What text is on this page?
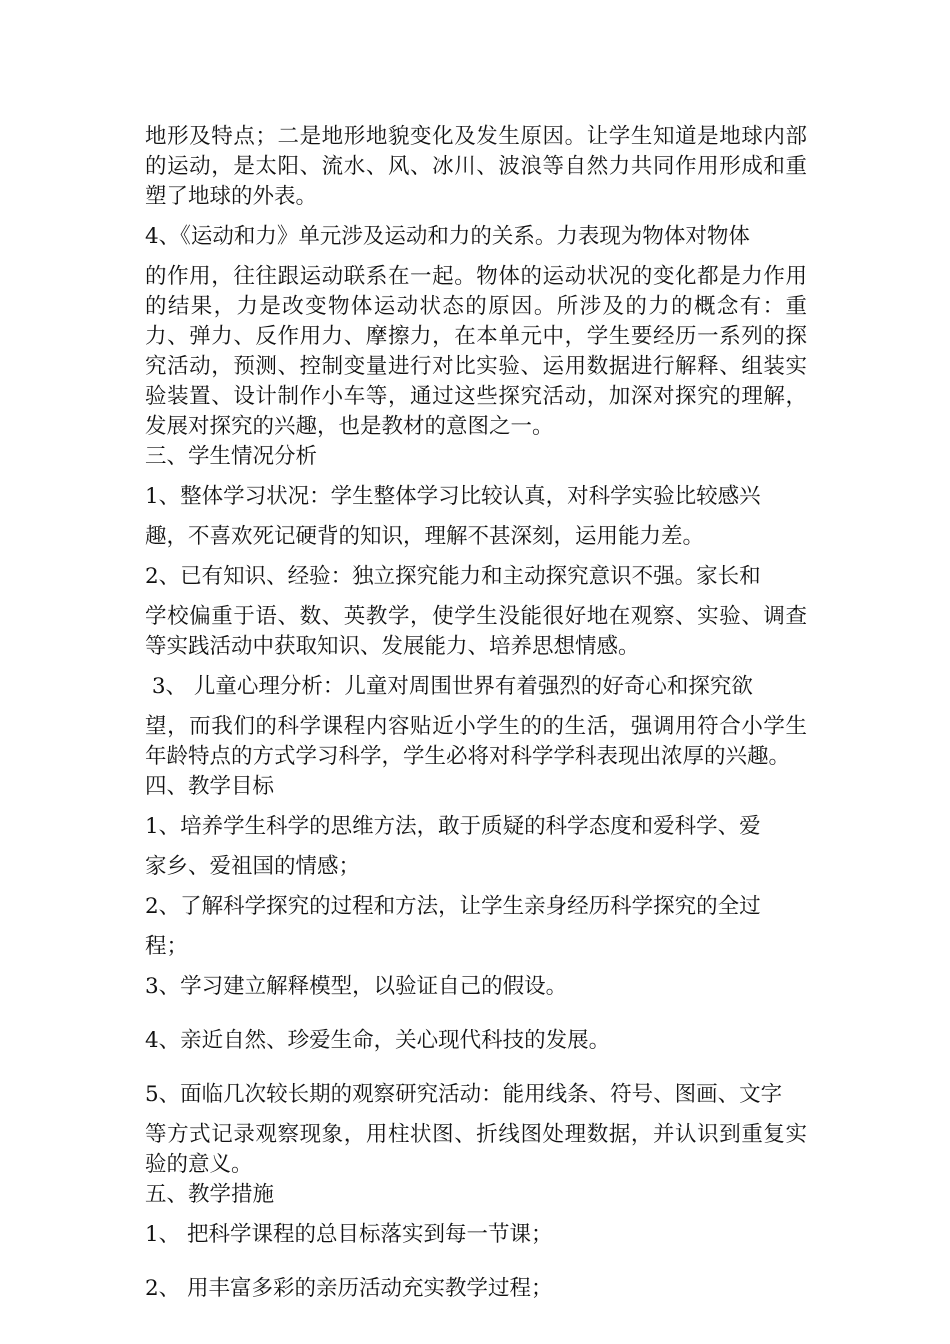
地形及特点；二是地形地貌变化及发生原因。让学生知道是地球内部的运动，是太阳、流水、风、冰川、波浪等自然力共同作用形成和重塑了地球的外表。

4、《运动和力》单元涉及运动和力的关系。力表现为物体对物体

的作用，往往跟运动联系在一起。物体的运动状况的变化都是力作用的结果，力是改变物体运动状态的原因。所涉及的力的概念有：重力、弹力、反作用力、摩擦力，在本单元中，学生要经历一系列的探究活动，预测、控制变量进行对比实验、运用数据进行解释、组装实验装置、设计制作小车等，通过这些探究活动，加深对探究的理解，发展对探究的兴趣，也是教材的意图之一。

三、学生情况分析

1、整体学习状况：学生整体学习比较认真，对科学实验比较感兴

趣，不喜欢死记硬背的知识，理解不甚深刻，运用能力差。

2、已有知识、经验：独立探究能力和主动探究意识不强。家长和

学校偏重于语、数、英教学，使学生没能很好地在观察、实验、调查等实践活动中获取知识、发展能力、培养思想情感。

3、 儿童心理分析：儿童对周围世界有着强烈的好奇心和探究欲

望，而我们的科学课程内容贴近小学生的的生活，强调用符合小学生年龄特点的方式学习科学，学生必将对科学学科表现出浓厚的兴趣。

四、教学目标

1、培养学生科学的思维方法，敢于质疑的科学态度和爱科学、爱

家乡、爱祖国的情感；

2、了解科学探究的过程和方法，让学生亲身经历科学探究的全过

程；

3、学习建立解释模型，以验证自己的假设。

4、亲近自然、珍爱生命，关心现代科技的发展。

5、面临几次较长期的观察研究活动：能用线条、符号、图画、文字

等方式记录观察现象，用柱状图、折线图处理数据，并认识到重复实验的意义。

五、教学措施

1、 把科学课程的总目标落实到每一节课；

2、 用丰富多彩的亲历活动充实教学过程；
